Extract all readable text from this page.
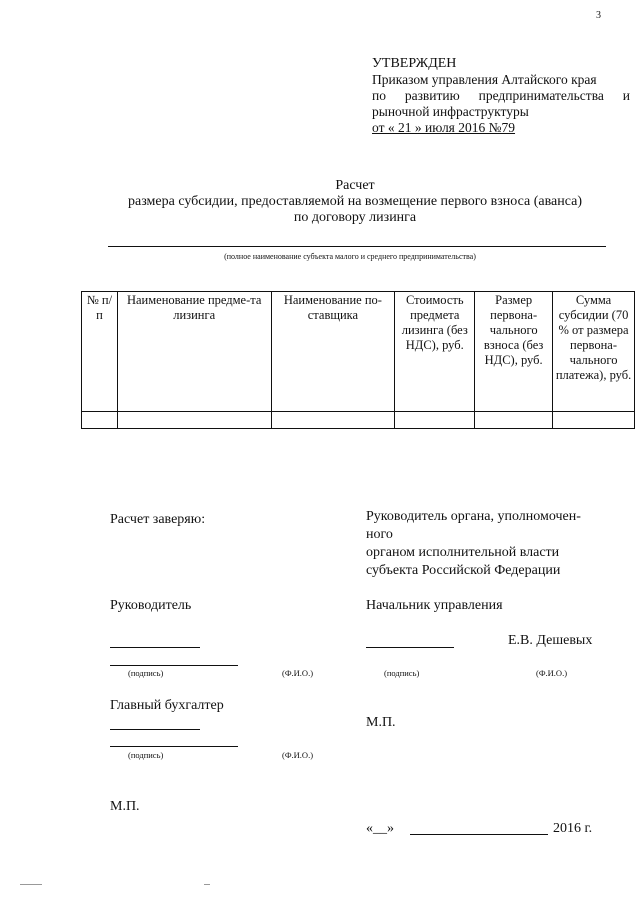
3
УТВЕРЖДЕН
Приказом управления Алтайского края
по развитию предпринимательства и
рыночной инфраструктуры
от « 21 » июля 2016 №79
Расчет
размера субсидии, предоставляемой на возмещение первого взноса (аванса)
по договору лизинга
(полное наименование субъекта малого и среднего предпринимательства)
№ п/п	Наименование предме-та лизинга	Наименование по-ставщика	Стоимость предмета лизинга (без НДС), руб.	Размер первона-чального взноса (без НДС), руб.	Сумма субсидии (70 % от размера первона-чального платежа), руб.

Расчет заверяю:
Руководитель
(подпись)	(Ф.И.О.)
Главный бухгалтер
(подпись)	(Ф.И.О.)
М.П.
Руководитель органа, уполномочен-
ного
органом исполнительной власти
субъекта Российской Федерации
Начальник управления
Е.В. Дешевых
(подпись)	(Ф.И.О.)
М.П.
«__»	2016 г.
